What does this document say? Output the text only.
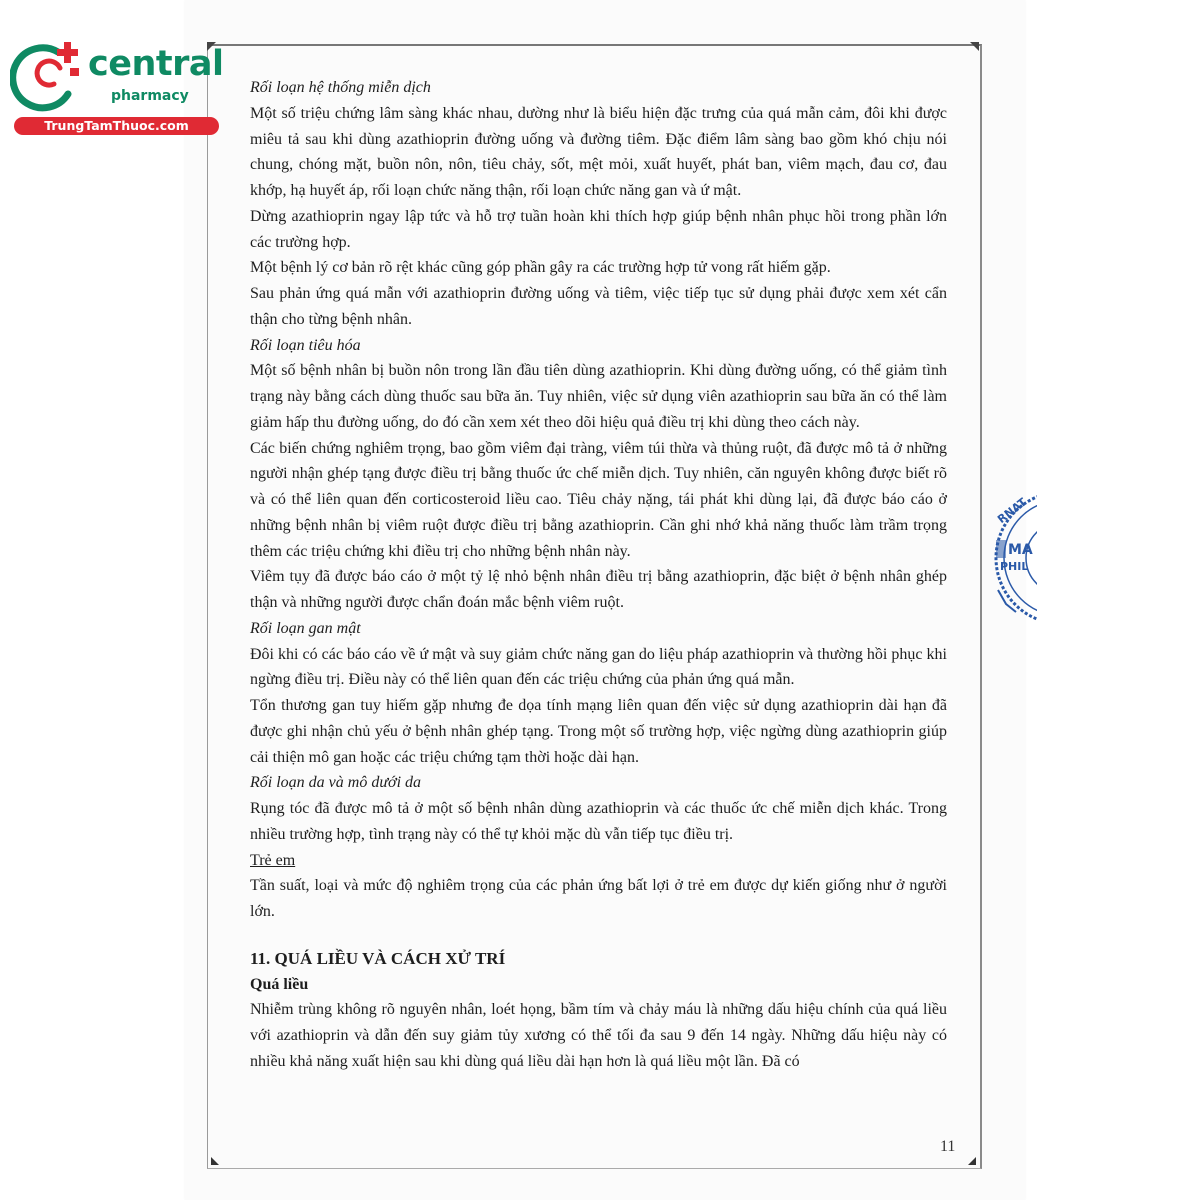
central
pharmacy
TrungTamThuoc.com

Rối loạn hệ thống miễn dịch

Một số triệu chứng lâm sàng khác nhau, dường như là biểu hiện đặc trưng của quá mẫn cảm, đôi khi được miêu tả sau khi dùng azathioprin đường uống và đường tiêm. Đặc điểm lâm sàng bao gồm khó chịu nói chung, chóng mặt, buồn nôn, nôn, tiêu chảy, sốt, mệt mỏi, xuất huyết, phát ban, viêm mạch, đau cơ, đau khớp, hạ huyết áp, rối loạn chức năng thận, rối loạn chức năng gan và ứ mật.

Dừng azathioprin ngay lập tức và hỗ trợ tuần hoàn khi thích hợp giúp bệnh nhân phục hồi trong phần lớn các trường hợp.

Một bệnh lý cơ bản rõ rệt khác cũng góp phần gây ra các trường hợp tử vong rất hiếm gặp.

Sau phản ứng quá mẫn với azathioprin đường uống và tiêm, việc tiếp tục sử dụng phải được xem xét cẩn thận cho từng bệnh nhân.

Rối loạn tiêu hóa

Một số bệnh nhân bị buồn nôn trong lần đầu tiên dùng azathioprin. Khi dùng đường uống, có thể giảm tình trạng này bằng cách dùng thuốc sau bữa ăn. Tuy nhiên, việc sử dụng viên azathioprin sau bữa ăn có thể làm giảm hấp thu đường uống, do đó cần xem xét theo dõi hiệu quả điều trị khi dùng theo cách này.

Các biến chứng nghiêm trọng, bao gồm viêm đại tràng, viêm túi thừa và thủng ruột, đã được mô tả ở những người nhận ghép tạng được điều trị bằng thuốc ức chế miễn dịch. Tuy nhiên, căn nguyên không được biết rõ và có thể liên quan đến corticosteroid liều cao. Tiêu chảy nặng, tái phát khi dùng lại, đã được báo cáo ở những bệnh nhân bị viêm ruột được điều trị bằng azathioprin. Cần ghi nhớ khả năng thuốc làm trầm trọng thêm các triệu chứng khi điều trị cho những bệnh nhân này.

Viêm tụy đã được báo cáo ở một tỷ lệ nhỏ bệnh nhân điều trị bằng azathioprin, đặc biệt ở bệnh nhân ghép thận và những người được chẩn đoán mắc bệnh viêm ruột.

Rối loạn gan mật

Đôi khi có các báo cáo về ứ mật và suy giảm chức năng gan do liệu pháp azathioprin và thường hồi phục khi ngừng điều trị. Điều này có thể liên quan đến các triệu chứng của phản ứng quá mẫn.

Tổn thương gan tuy hiếm gặp nhưng đe dọa tính mạng liên quan đến việc sử dụng azathioprin dài hạn đã được ghi nhận chủ yếu ở bệnh nhân ghép tạng. Trong một số trường hợp, việc ngừng dùng azathioprin giúp cải thiện mô gan hoặc các triệu chứng tạm thời hoặc dài hạn.

Rối loạn da và mô dưới da

Rụng tóc đã được mô tả ở một số bệnh nhân dùng azathioprin và các thuốc ức chế miễn dịch khác. Trong nhiều trường hợp, tình trạng này có thể tự khỏi mặc dù vẫn tiếp tục điều trị.

Trẻ em

Tần suất, loại và mức độ nghiêm trọng của các phản ứng bất lợi ở trẻ em được dự kiến giống như ở người lớn.

11. QUÁ LIỀU VÀ CÁCH XỬ TRÍ

Quá liều

Nhiễm trùng không rõ nguyên nhân, loét họng, bầm tím và chảy máu là những dấu hiệu chính của quá liều với azathioprin và dẫn đến suy giảm tủy xương có thể tối đa sau 9 đến 14 ngày. Những dấu hiệu này có nhiều khả năng xuất hiện sau khi dùng quá liều dài hạn hơn là quá liều một lần. Đã có

11
RNAT
MA
PHIL
